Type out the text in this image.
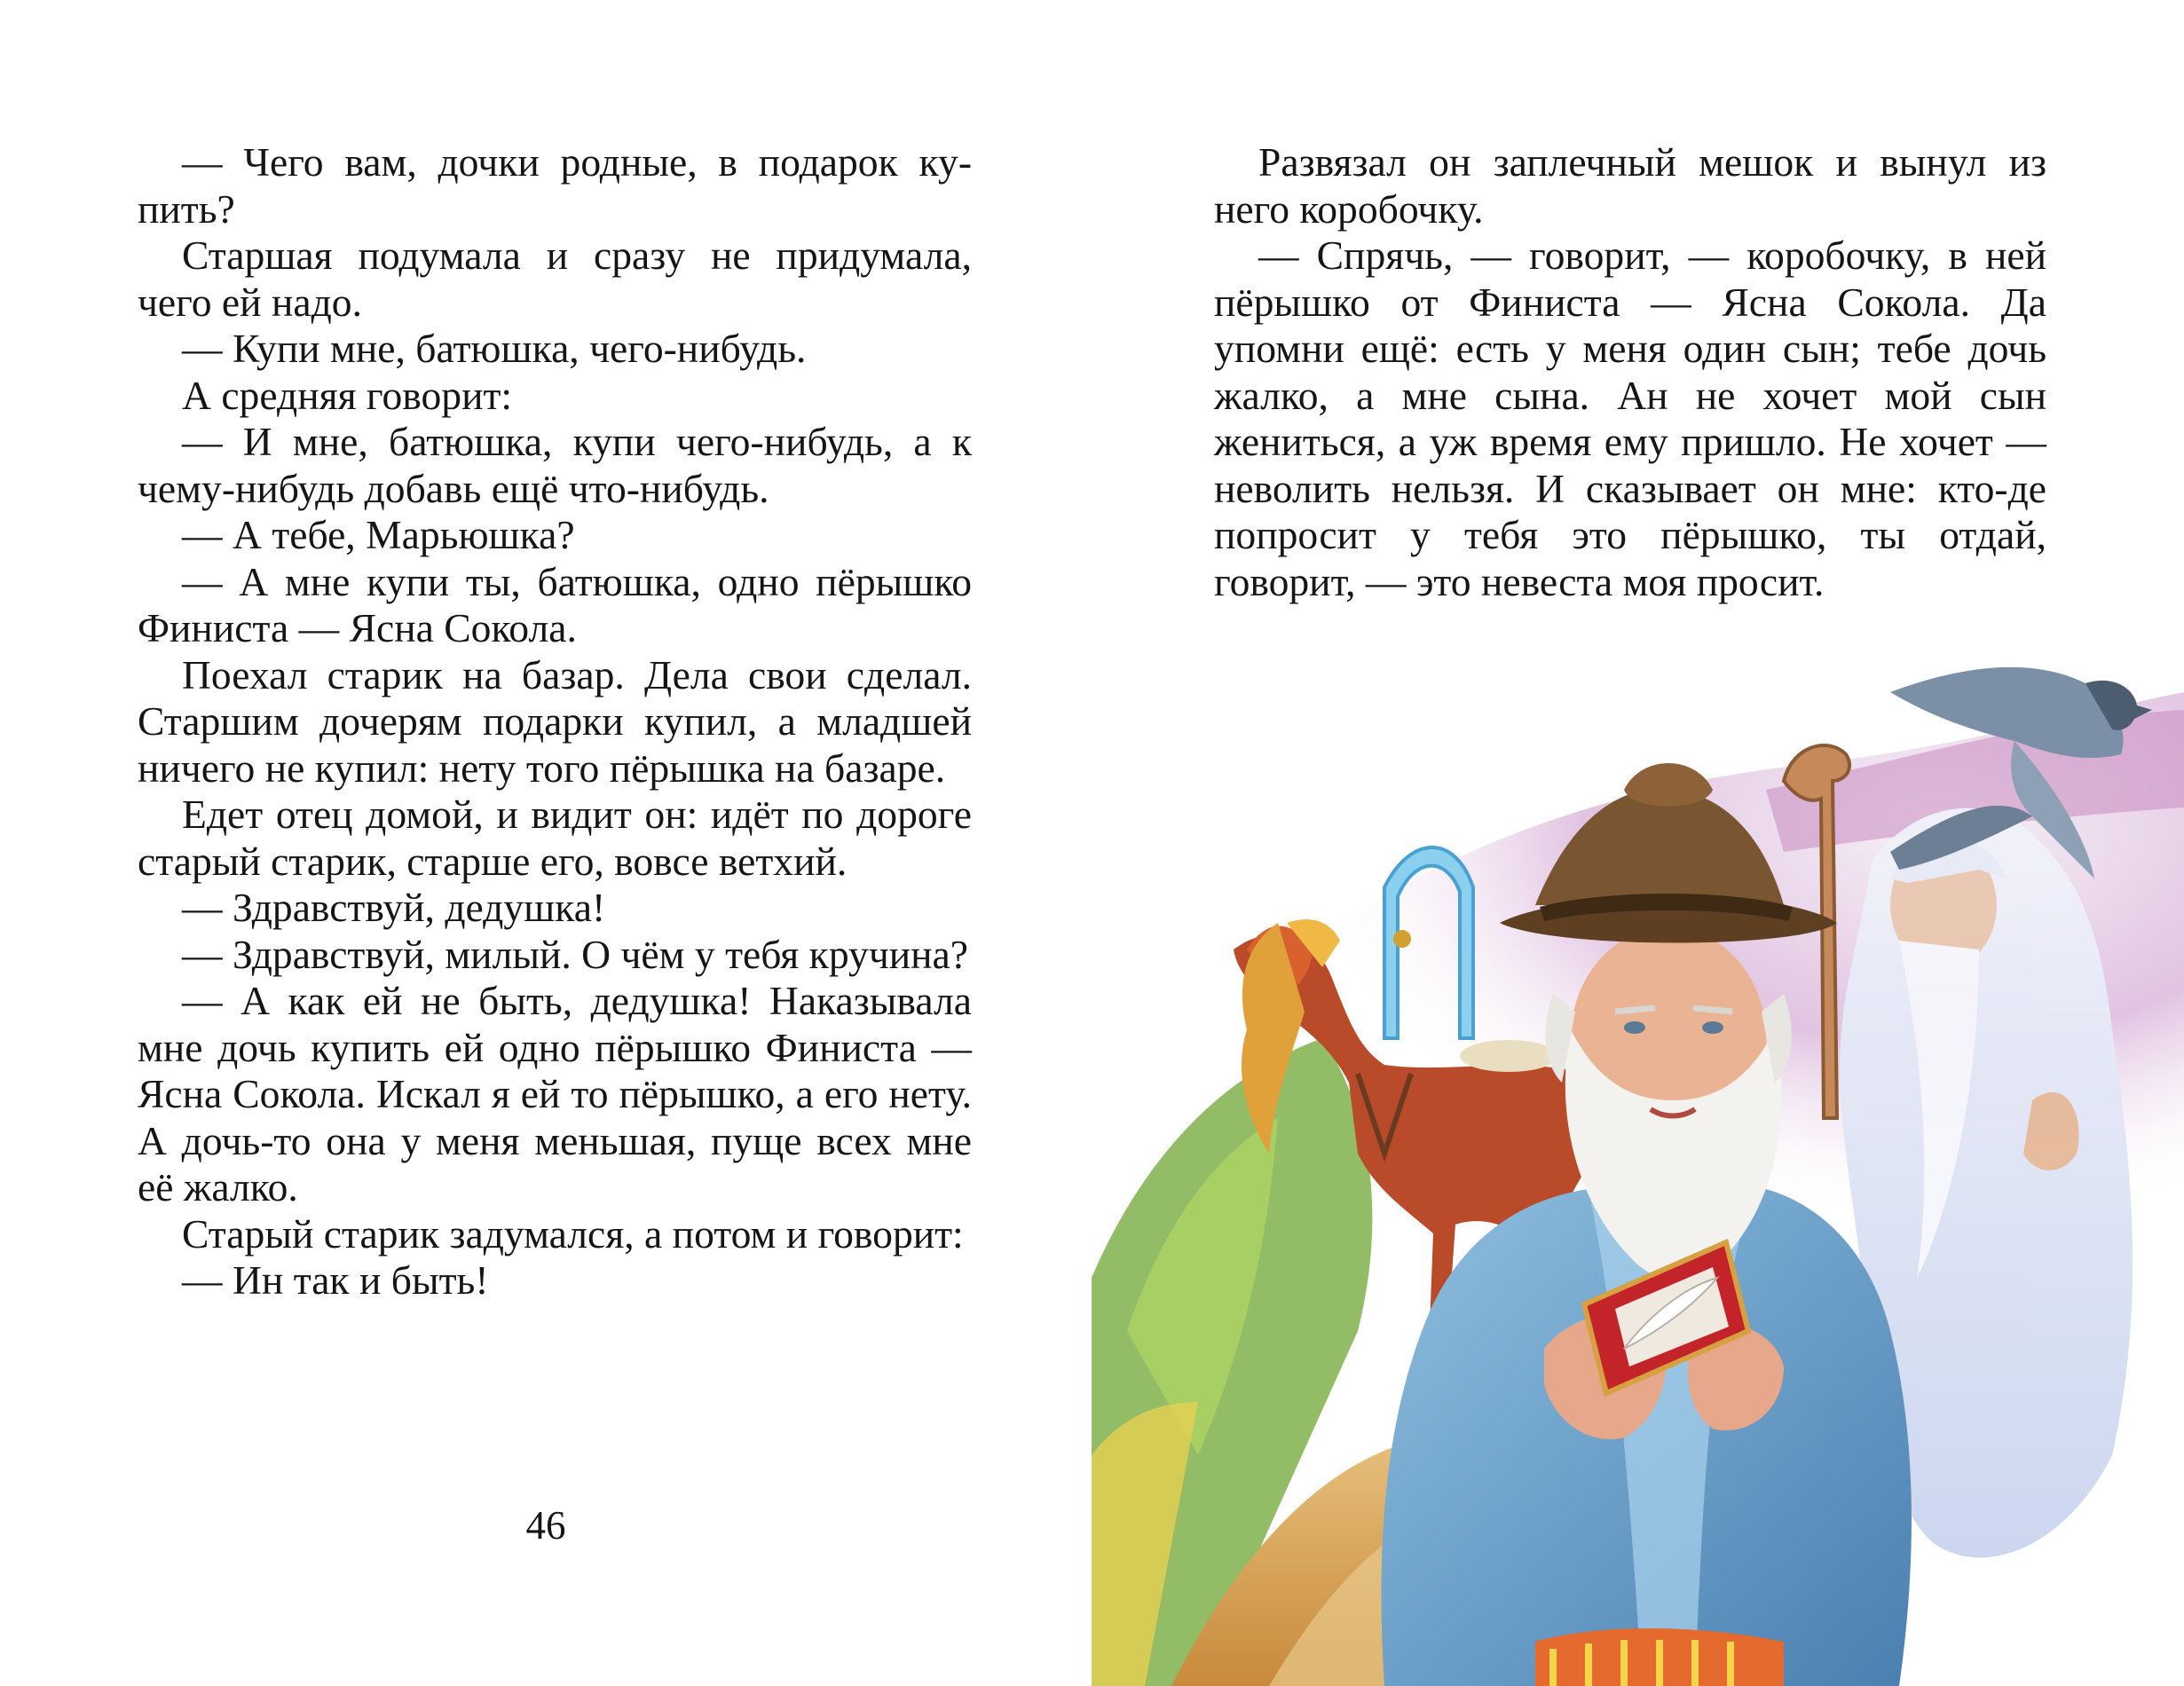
— Чего вам, дочки родные, в подарок купить?

Старшая подумала и сразу не придумала, чего ей надо.

— Купи мне, батюшка, чего-нибудь.

А средняя говорит:

— И мне, батюшка, купи чего-нибудь, а к чему-нибудь добавь ещё что-нибудь.

— А тебе, Марьюшка?

— А мне купи ты, батюшка, одно пёрышко Финиста — Ясна Сокола.

Поехал старик на базар. Дела свои сделал. Старшим дочерям подарки купил, а младшей ничего не купил: нету того пёрышка на базаре.

Едет отец домой, и видит он: идёт по дороге старый старик, старше его, вовсе ветхий.

— Здравствуй, дедушка!

— Здравствуй, милый. О чём у тебя кручина?

— А как ей не быть, дедушка! Наказывала мне дочь купить ей одно пёрышко Финиста — Ясна Сокола. Искал я ей то пёрышко, а его нету. А дочь-то она у меня меньшая, пуще всех мне её жалко.

Старый старик задумался, а потом и говорит:

— Ин так и быть!

46

Развязал он заплечный мешок и вынул из него коробочку.

— Спрячь, — говорит, — коробочку, в ней пёрышко от Финиста — Ясна Сокола. Да упомни ещё: есть у меня один сын; тебе дочь жалко, а мне сына. Ан не хочет мой сын жениться, а уж время ему пришло. Не хочет — неволить нельзя. И сказывает он мне: кто-де попросит у тебя это пёрышко, ты отдай, говорит, — это невеста моя просит.
